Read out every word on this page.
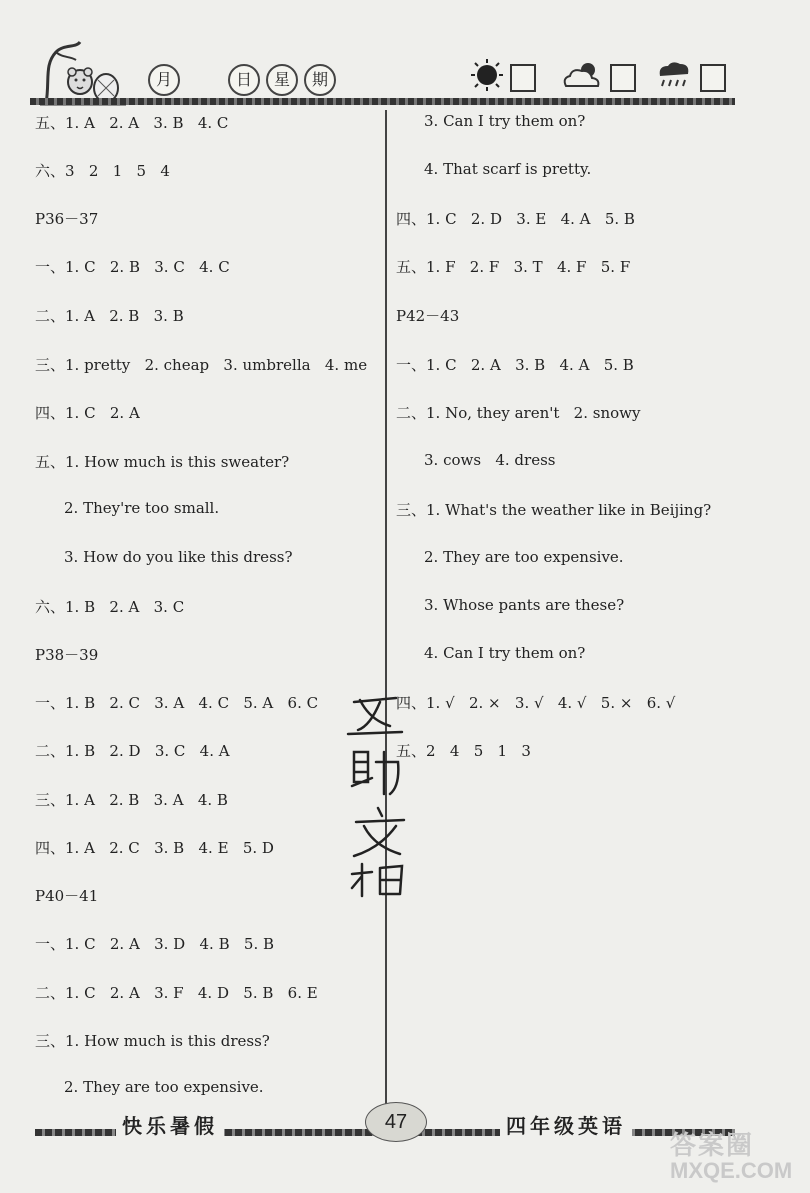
月	日	星	期
五、1. A   2. A   3. B   4. C
六、3   2   1   5   4
P36－37
一、1. C   2. B   3. C   4. C
二、1. A   2. B   3. B
三、1. pretty   2. cheap   3. umbrella   4. me
四、1. C   2. A
五、1. How much is this sweater?
2. They're too small.
3. How do you like this dress?
六、1. B   2. A   3. C
P38－39
一、1. B   2. C   3. A   4. C   5. A   6. C
二、1. B   2. D   3. C   4. A
三、1. A   2. B   3. A   4. B
四、1. A   2. C   3. B   4. E   5. D
P40－41
一、1. C   2. A   3. D   4. B   5. B
二、1. C   2. A   3. F   4. D   5. B   6. E
三、1. How much is this dress?
2. They are too expensive.
3. Can I try them on?
4. That scarf is pretty.
四、1. C   2. D   3. E   4. A   5. B
五、1. F   2. F   3. T   4. F   5. F
P42－43
一、1. C   2. A   3. B   4. A   5. B
二、1. No, they aren't   2. snowy
3. cows   4. dress
三、1. What's the weather like in Beijing?
2. They are too expensive.
3. Whose pants are these?
4. Can I try them on?
四、1. √   2. ×   3. √   4. √   5. ×   6. √
五、2   4   5   1   3
快乐暑假	47	四年级英语
答案圈
MXQE.COM
